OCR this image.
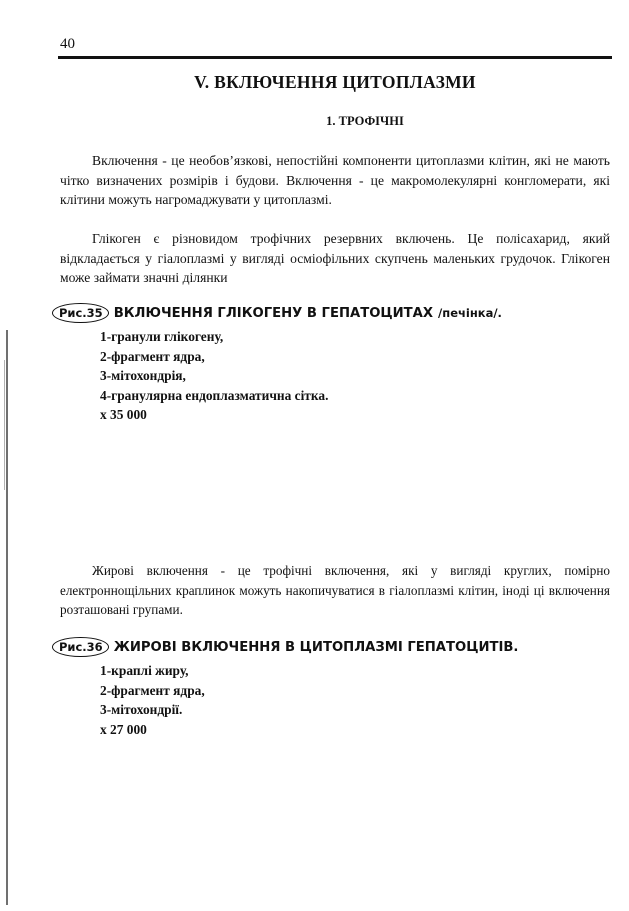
40
V. ВКЛЮЧЕННЯ ЦИТОПЛАЗМИ
1. ТРОФІЧНІ

Включення - це необов’язкові, непостійні компоненти цитоплазми клітин, які не мають чітко визначених розмірів і будови. Включення - це макромолекулярні конгломерати, які клітини можуть нагромаджувати у цитоплазмі.

Глікоген є різновидом трофічних резервних включень. Це полісахарид, який відкладається у гіалоплазмі у вигляді осміофільних скупчень маленьких грудочок. Глікоген може займати значні ділянки

Рис.35 ВКЛЮЧЕННЯ ГЛІКОГЕНУ В ГЕПАТОЦИТАХ /печінка/.
1-гранули глікогену,
2-фрагмент ядра,
3-мітохондрія,
4-гранулярна ендоплазматична сітка.
х 35 000

Жирові включення - це трофічні включення, які у вигляді круглих, помірно електроннощільних краплинок можуть накопичуватися в гіалоплазмі клітин, іноді ці включення розташовані групами.

Рис.36 ЖИРОВІ ВКЛЮЧЕННЯ В ЦИТОПЛАЗМІ ГЕПАТОЦИТІВ.
1-краплі жиру,
2-фрагмент ядра,
3-мітохондрії.
х 27 000
